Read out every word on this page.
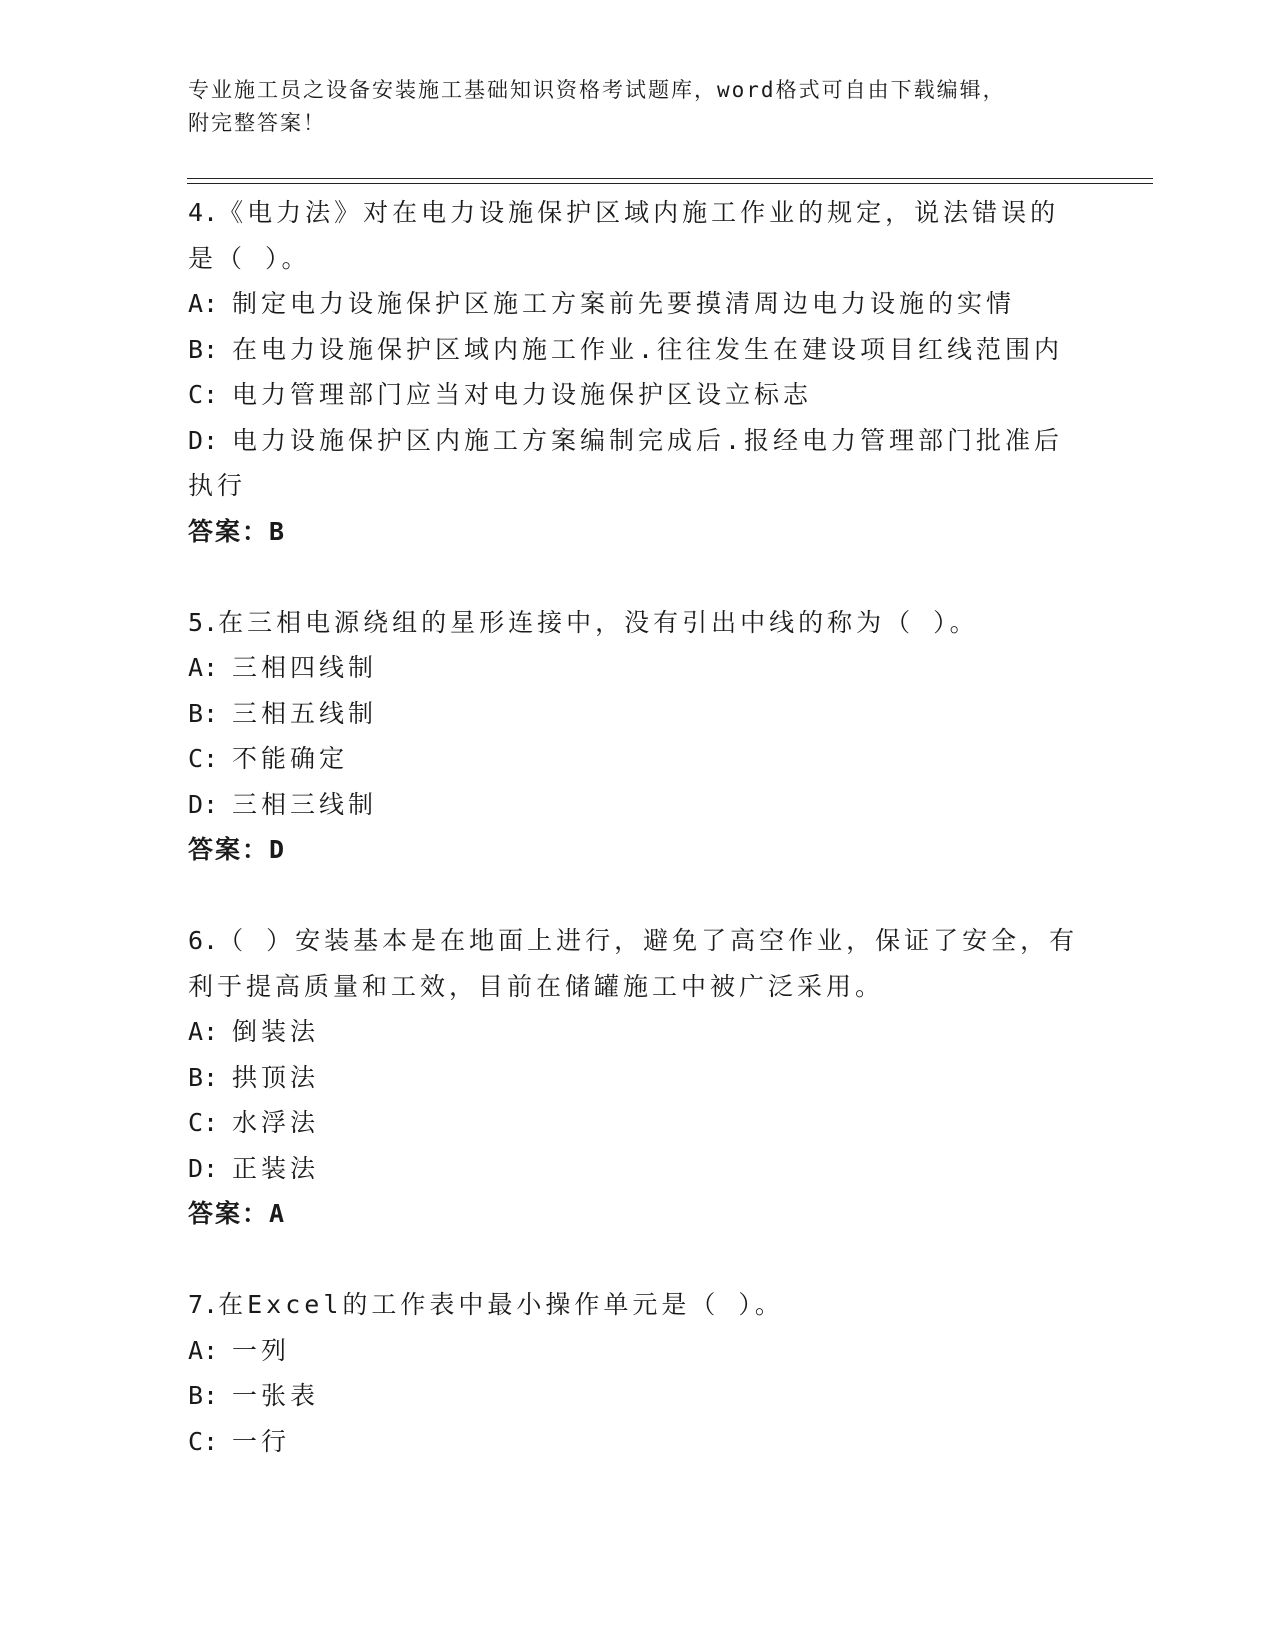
专业施工员之设备安装施工基础知识资格考试题库，word格式可自由下载编辑，
附完整答案！
4.《电力法》对在电力设施保护区域内施工作业的规定，说法错误的
是（ ）。
A: 制定电力设施保护区施工方案前先要摸清周边电力设施的实情
B: 在电力设施保护区域内施工作业.往往发生在建设项目红线范围内
C: 电力管理部门应当对电力设施保护区设立标志
D: 电力设施保护区内施工方案编制完成后.报经电力管理部门批准后
执行
答案：B
5.在三相电源绕组的星形连接中，没有引出中线的称为（ ）。
A: 三相四线制
B: 三相五线制
C: 不能确定
D: 三相三线制
答案：D
6.（ ）安装基本是在地面上进行，避免了高空作业，保证了安全，有
利于提高质量和工效，目前在储罐施工中被广泛采用。
A: 倒装法
B: 拱顶法
C: 水浮法
D: 正装法
答案：A
7.在Excel的工作表中最小操作单元是（ ）。
A: 一列
B: 一张表
C: 一行
